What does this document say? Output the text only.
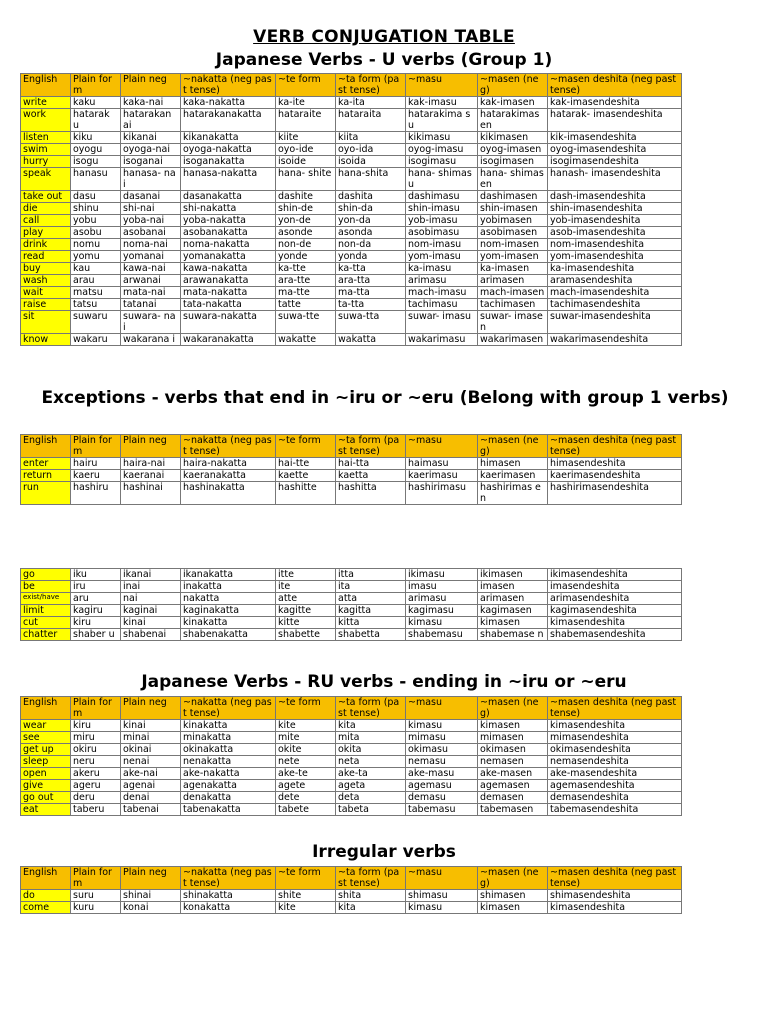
VERB CONJUGATION TABLE
Japanese Verbs - U verbs (Group 1)
English	Plain form	Plain neg	~nakatta (neg past tense)	~te form	~ta form (past tense)	~masu	~masen (neg)	~masen deshita (neg past tense)
write	kaku	kaka-nai	kaka-nakatta	ka-ite	ka-ita	kak-imasu	kak-imasen	kak-imasendeshita
work	hatarak u	hatarakan ai	hatarakanakatta	hataraite	hataraita	hatarakima su	hatarakimas en	hatarak- imasendeshita
listen	kiku	kikanai	kikanakatta	kiite	kiita	kikimasu	kikimasen	kik-imasendeshita
swim	oyogu	oyoga-nai	oyoga-nakatta	oyo-ide	oyo-ida	oyog-imasu	oyog-imasen	oyog-imasendeshita
hurry	isogu	isoganai	isoganakatta	isoide	isoida	isogimasu	isogimasen	isogimasendeshita
speak	hanasu	hanasa- nai	hanasa-nakatta	hana- shite	hana-shita	hana- shimasu	hana- shimasen	hanash- imasendeshita
take out	dasu	dasanai	dasanakatta	dashite	dashita	dashimasu	dashimasen	dash-imasendeshita
die	shinu	shi-nai	shi-nakatta	shin-de	shin-da	shin-imasu	shin-imasen	shin-imasendeshita
call	yobu	yoba-nai	yoba-nakatta	yon-de	yon-da	yob-imasu	yobimasen	yob-imasendeshita
play	asobu	asobanai	asobanakatta	asonde	asonda	asobimasu	asobimasen	asob-imasendeshita
drink	nomu	noma-nai	noma-nakatta	non-de	non-da	nom-imasu	nom-imasen	nom-imasendeshita
read	yomu	yomanai	yomanakatta	yonde	yonda	yom-imasu	yom-imasen	yom-imasendeshita
buy	kau	kawa-nai	kawa-nakatta	ka-tte	ka-tta	ka-imasu	ka-imasen	ka-imasendeshita
wash	arau	arwanai	arawanakatta	ara-tte	ara-tta	arimasu	arimasen	aramasendeshita
wait	matsu	mata-nai	mata-nakatta	ma-tte	ma-tta	mach-imasu	mach-imasen	mach-imasendeshita
raise	tatsu	tatanai	tata-nakatta	tatte	ta-tta	tachimasu	tachimasen	tachimasendeshita
sit	suwaru	suwara- nai	suwara-nakatta	suwa-tte	suwa-tta	suwar- imasu	suwar- imasen	suwar-imasendeshita
know	wakaru	wakarana i	wakaranakatta	wakatte	wakatta	wakarimasu	wakarimasen	wakarimasendeshita
Exceptions - verbs that end in ~iru or ~eru (Belong with group 1 verbs)
English	Plain form	Plain neg	~nakatta (neg past tense)	~te form	~ta form (past tense)	~masu	~masen (neg)	~masen deshita (neg past tense)
enter	hairu	haira-nai	haira-nakatta	hai-tte	hai-tta	haimasu	himasen	himasendeshita
return	kaeru	kaeranai	kaeranakatta	kaette	kaetta	kaerimasu	kaerimasen	kaerimasendeshita
run	hashiru	hashinai	hashinakatta	hashitte	hashitta	hashirimasu	hashirimas en	hashirimasendeshita
go	iku	ikanai	ikanakatta	itte	itta	ikimasu	ikimasen	ikimasendeshita
be	iru	inai	inakatta	ite	ita	imasu	imasen	imasendeshita
exist/have	aru	nai	nakatta	atte	atta	arimasu	arimasen	arimasendeshita
limit	kagiru	kaginai	kaginakatta	kagitte	kagitta	kagimasu	kagimasen	kagimasendeshita
cut	kiru	kinai	kinakatta	kitte	kitta	kimasu	kimasen	kimasendeshita
chatter	shaber u	shabenai	shabenakatta	shabette	shabetta	shabemasu	shabemase n	shabemasendeshita
Japanese Verbs - RU verbs - ending in ~iru or ~eru
English	Plain form	Plain neg	~nakatta (neg past tense)	~te form	~ta form (past tense)	~masu	~masen (neg)	~masen deshita (neg past tense)
wear	kiru	kinai	kinakatta	kite	kita	kimasu	kimasen	kimasendeshita
see	miru	minai	minakatta	mite	mita	mimasu	mimasen	mimasendeshita
get up	okiru	okinai	okinakatta	okite	okita	okimasu	okimasen	okimasendeshita
sleep	neru	nenai	nenakatta	nete	neta	nemasu	nemasen	nemasendeshita
open	akeru	ake-nai	ake-nakatta	ake-te	ake-ta	ake-masu	ake-masen	ake-masendeshita
give	ageru	agenai	agenakatta	agete	ageta	agemasu	agemasen	agemasendeshita
go out	deru	denai	denakatta	dete	deta	demasu	demasen	demasendeshita
eat	taberu	tabenai	tabenakatta	tabete	tabeta	tabemasu	tabemasen	tabemasendeshita
Irregular verbs
English	Plain form	Plain neg	~nakatta (neg past tense)	~te form	~ta form (past tense)	~masu	~masen (neg)	~masen deshita (neg past tense)
do	suru	shinai	shinakatta	shite	shita	shimasu	shimasen	shimasendeshita
come	kuru	konai	konakatta	kite	kita	kimasu	kimasen	kimasendeshita
